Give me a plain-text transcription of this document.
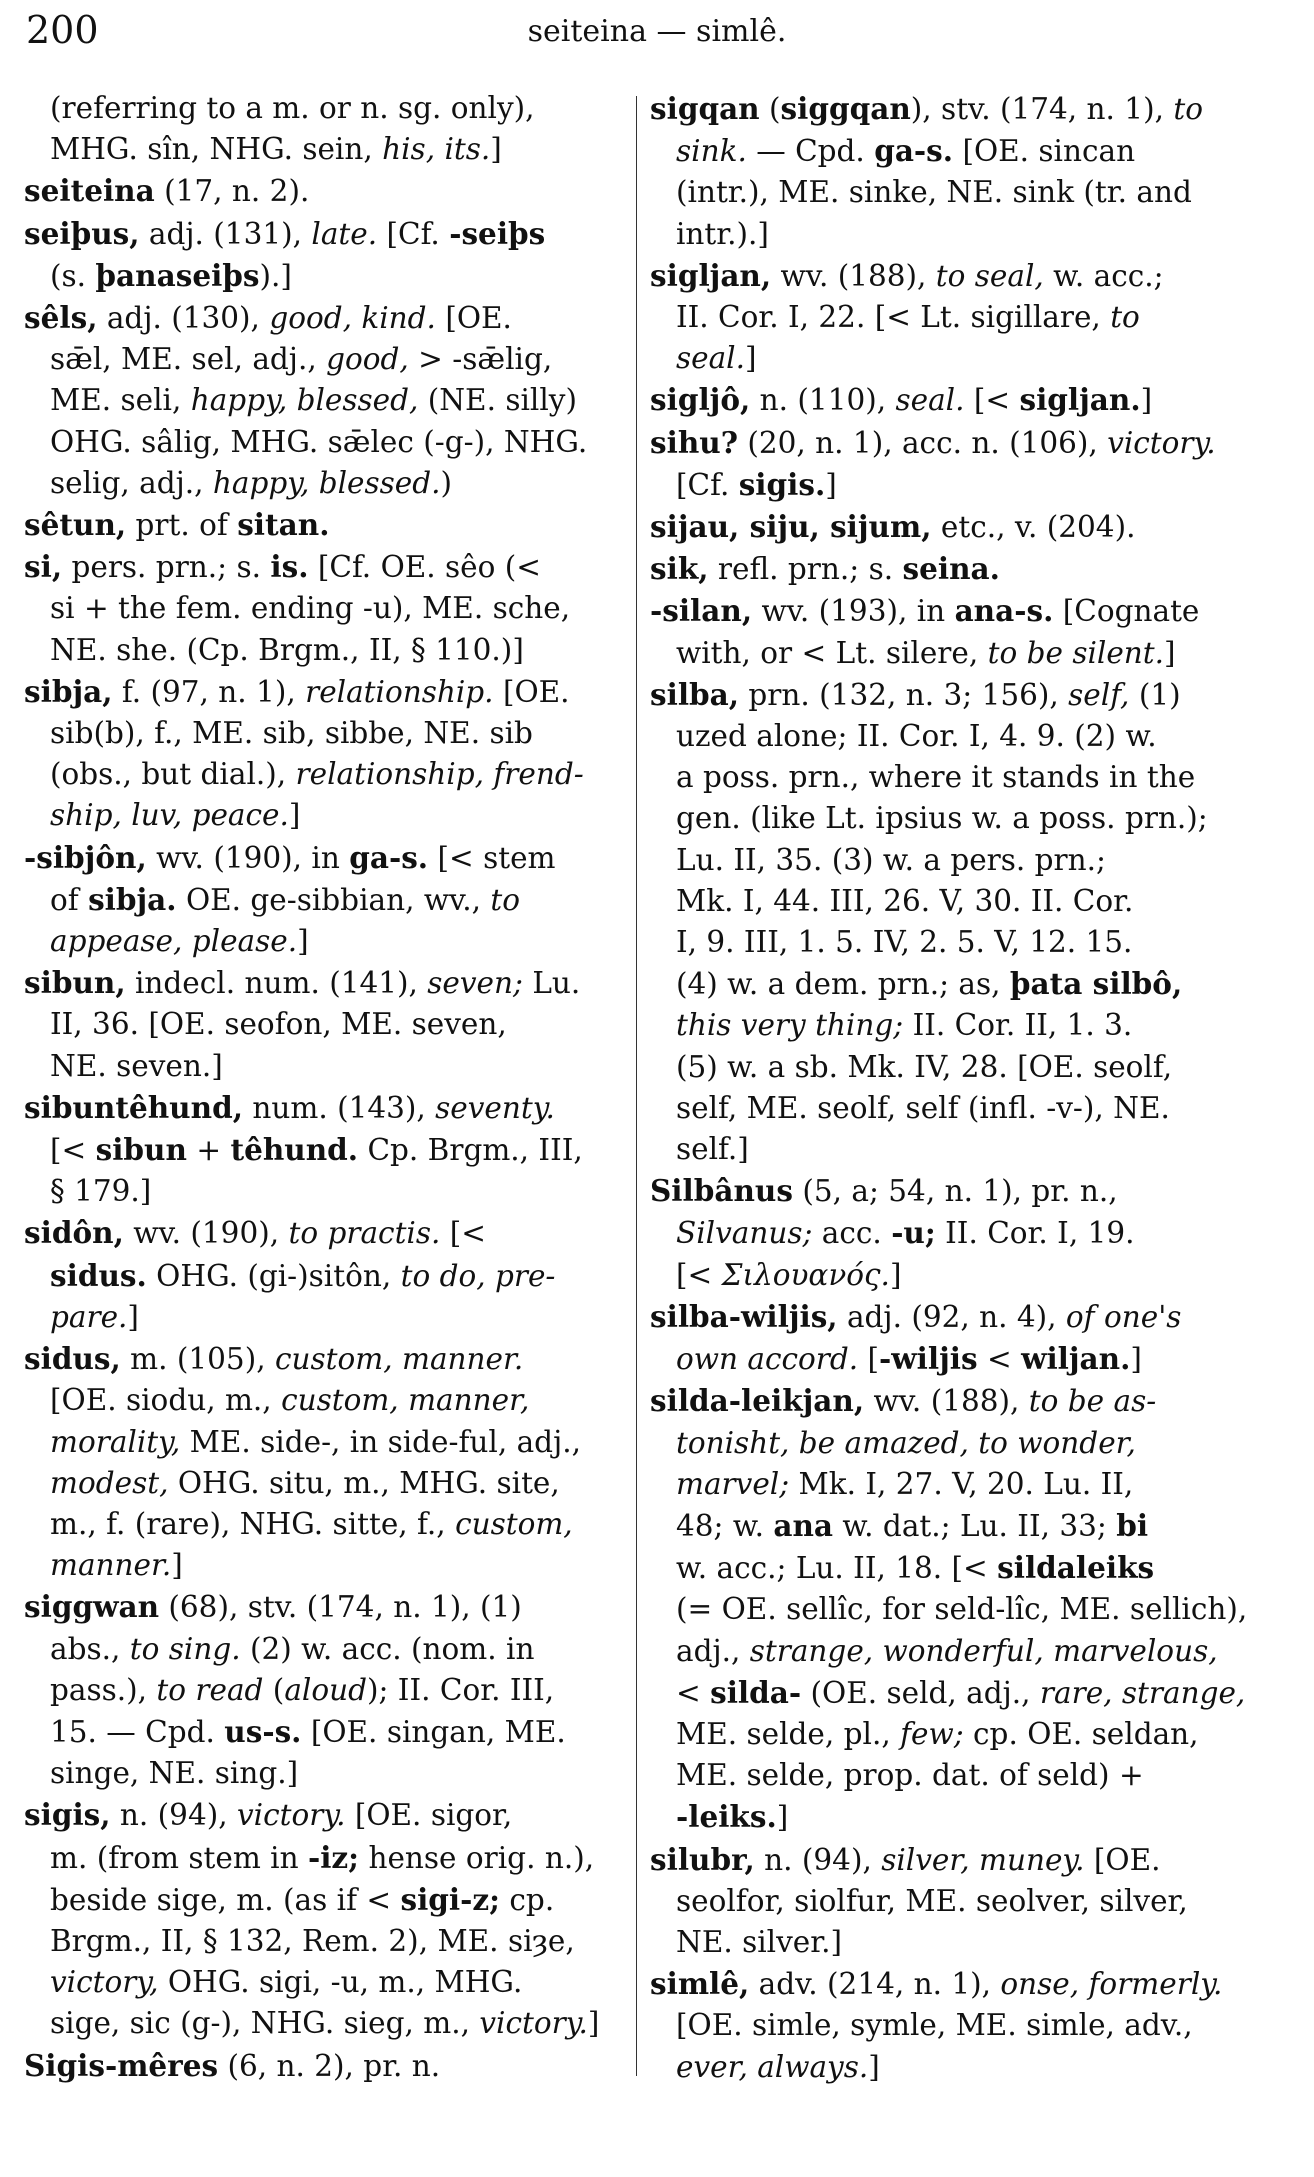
200	seiteina — simlê.
(referring to a m. or n. sg. only),
MHG. sîn, NHG. sein, his, its.]
seiteina (17, n. 2).
seiþus, adj. (131), late. [Cf. -seiþs
(s. þanaseiþs).]
sêls, adj. (130), good, kind. [OE.
sǣl, ME. sel, adj., good, > -sǣlig,
ME. seli, happy, blessed, (NE. silly)
OHG. sâlig, MHG. sǣlec (-g-), NHG.
selig, adj., happy, blessed.)
sêtun, prt. of sitan.
si, pers. prn.; s. is. [Cf. OE. sêo (<
si + the fem. ending -u), ME. sche,
NE. she. (Cp. Brgm., II, § 110.)]
sibja, f. (97, n. 1), relationship. [OE.
sib(b), f., ME. sib, sibbe, NE. sib
(obs., but dial.), relationship, frend-
ship, luv, peace.]
-sibjôn, wv. (190), in ga-s. [< stem
of sibja. OE. ge-sibbian, wv., to
appease, please.]
sibun, indecl. num. (141), seven; Lu.
II, 36. [OE. seofon, ME. seven,
NE. seven.]
sibuntêhund, num. (143), seventy.
[< sibun + têhund. Cp. Brgm., III,
§ 179.]
sidôn, wv. (190), to practis. [<
sidus. OHG. (gi-)sitôn, to do, pre-
pare.]
sidus, m. (105), custom, manner.
[OE. siodu, m., custom, manner,
morality, ME. side-, in side-ful, adj.,
modest, OHG. situ, m., MHG. site,
m., f. (rare), NHG. sitte, f., custom,
manner.]
siggwan (68), stv. (174, n. 1), (1)
abs., to sing. (2) w. acc. (nom. in
pass.), to read (aloud); II. Cor. III,
15. — Cpd. us-s. [OE. singan, ME.
singe, NE. sing.]
sigis, n. (94), victory. [OE. sigor,
m. (from stem in -iz; hense orig. n.),
beside sige, m. (as if < sigi-z; cp.
Brgm., II, § 132, Rem. 2), ME. siȝe,
victory, OHG. sigi, -u, m., MHG.
sige, sic (g-), NHG. sieg, m., victory.]
Sigis-mêres (6, n. 2), pr. n.
sigqan (siggqan), stv. (174, n. 1), to
sink. — Cpd. ga-s. [OE. sincan
(intr.), ME. sinke, NE. sink (tr. and
intr.).]
sigljan, wv. (188), to seal, w. acc.;
II. Cor. I, 22. [< Lt. sigillare, to
seal.]
sigljô, n. (110), seal. [< sigljan.]
sihu? (20, n. 1), acc. n. (106), victory.
[Cf. sigis.]
sijau, siju, sijum, etc., v. (204).
sik, refl. prn.; s. seina.
-silan, wv. (193), in ana-s. [Cognate
with, or < Lt. silere, to be silent.]
silba, prn. (132, n. 3; 156), self, (1)
uzed alone; II. Cor. I, 4. 9. (2) w.
a poss. prn., where it stands in the
gen. (like Lt. ipsius w. a poss. prn.);
Lu. II, 35. (3) w. a pers. prn.;
Mk. I, 44. III, 26. V, 30. II. Cor.
I, 9. III, 1. 5. IV, 2. 5. V, 12. 15.
(4) w. a dem. prn.; as, þata silbô,
this very thing; II. Cor. II, 1. 3.
(5) w. a sb. Mk. IV, 28. [OE. seolf,
self, ME. seolf, self (infl. -v-), NE.
self.]
Silbânus (5, a; 54, n. 1), pr. n.,
Silvanus; acc. -u; II. Cor. I, 19.
[< Σιλουανός.]
silba-wiljis, adj. (92, n. 4), of one's
own accord. [-wiljis < wiljan.]
silda-leikjan, wv. (188), to be as-
tonisht, be amazed, to wonder,
marvel; Mk. I, 27. V, 20. Lu. II,
48; w. ana w. dat.; Lu. II, 33; bi
w. acc.; Lu. II, 18. [< sildaleiks
(= OE. sellîc, for seld-lîc, ME. sellich),
adj., strange, wonderful, marvelous,
< silda- (OE. seld, adj., rare, strange,
ME. selde, pl., few; cp. OE. seldan,
ME. selde, prop. dat. of seld) +
-leiks.]
silubr, n. (94), silver, muney. [OE.
seolfor, siolfur, ME. seolver, silver,
NE. silver.]
simlê, adv. (214, n. 1), onse, formerly.
[OE. simle, symle, ME. simle, adv.,
ever, always.]
